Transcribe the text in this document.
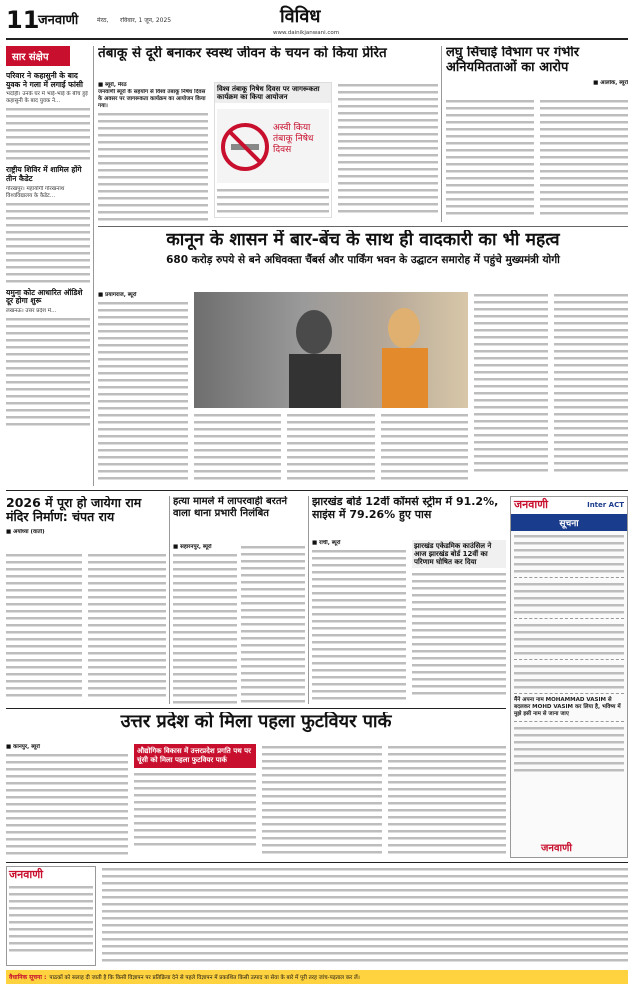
11
जनवाणी	मेरठ, रविवार, 1 जून, 2025	विविध
www.dainikjanwani.com
सार संक्षेप
परिवार ने कहासुनी के बाद युवक ने गला में लगाई फांसी
भदोही। उनके घर में भाई-भाई के बीच हुई कहासुनी के बाद युवक ने...
राष्ट्रीय शिविर में शामिल होंगे तीन कैडेट
गोरखपुर। महायोगी गोरखनाथ विश्वविद्यालय के कैडेट...
यमुना कोट आधारित ऑडिशे दूर होगा शुरू
लखनऊ। उत्तर प्रदेश में...
तंबाकू से दूरी बनाकर स्वस्थ जीवन के चयन को किया प्रेरित
■ ब्यूरो, मेरठ
जनवाणी ब्यूरो के सहयोग से विश्व तंबाकू निषेध दिवस के अवसर पर जागरूकता कार्यक्रम का आयोजन किया गया।
विश्व तंबाकू निषेध दिवस पर जागरूकता कार्यक्रम का किया आयोजन
अस्वी किया तंबाकू निषेध दिवस
लघु सिंचाई विभाग पर गंभीर अनियमितताओं का आरोप
■ आलोक, ब्यूरो
कानून के शासन में बार-बेंच के साथ ही वादकारी का भी महत्व
680 करोड़ रुपये से बने अधिवक्ता चैंबर्स और पार्किंग भवन के उद्घाटन समारोह में पहुंचे मुख्यमंत्री योगी
■ प्रयागराज, ब्यूरो
2026 में पूरा हो जायेगा राम मंदिर निर्माण: चंपत राय
■ अयोध्या (वार्ता)
हत्या मामले में लापरवाही बरतने वाला थाना प्रभारी निलंबित
■ सहारनपुर, ब्यूरो
झारखंड बोर्ड 12वीं कॉमर्स स्ट्रीम में 91.2%, साइंस में 79.26% हुए पास
■ रांची, ब्यूरो	झारखंड एकेडमिक काउंसिल ने आज झारखंड बोर्ड 12वीं का परिणाम घोषित कर दिया
जनवाणी	Inter ACT
सूचना
मैंने अपना नाम MOHAMMAD VASIM से बदलकर MOHD VASIM कर लिया है, भविष्य में मुझे इसी नाम से जाना जाए
जनवाणी
उत्तर प्रदेश को मिला पहला फुटवियर पार्क
■ कानपुर, ब्यूरो	औद्योगिक विकास में उत्तरप्रदेश प्रगति पथ पर चूंसी को मिला पहला फुटवियर पार्क
जनवाणी
वैधानिक सूचना : पाठकों को सलाह दी जाती है कि किसी विज्ञापन पर प्रतिक्रिया देने से पहले विज्ञापन में प्रकाशित किसी उत्पाद या सेवा के बारे में पूरी तरह जांच-पड़ताल कर लें।
